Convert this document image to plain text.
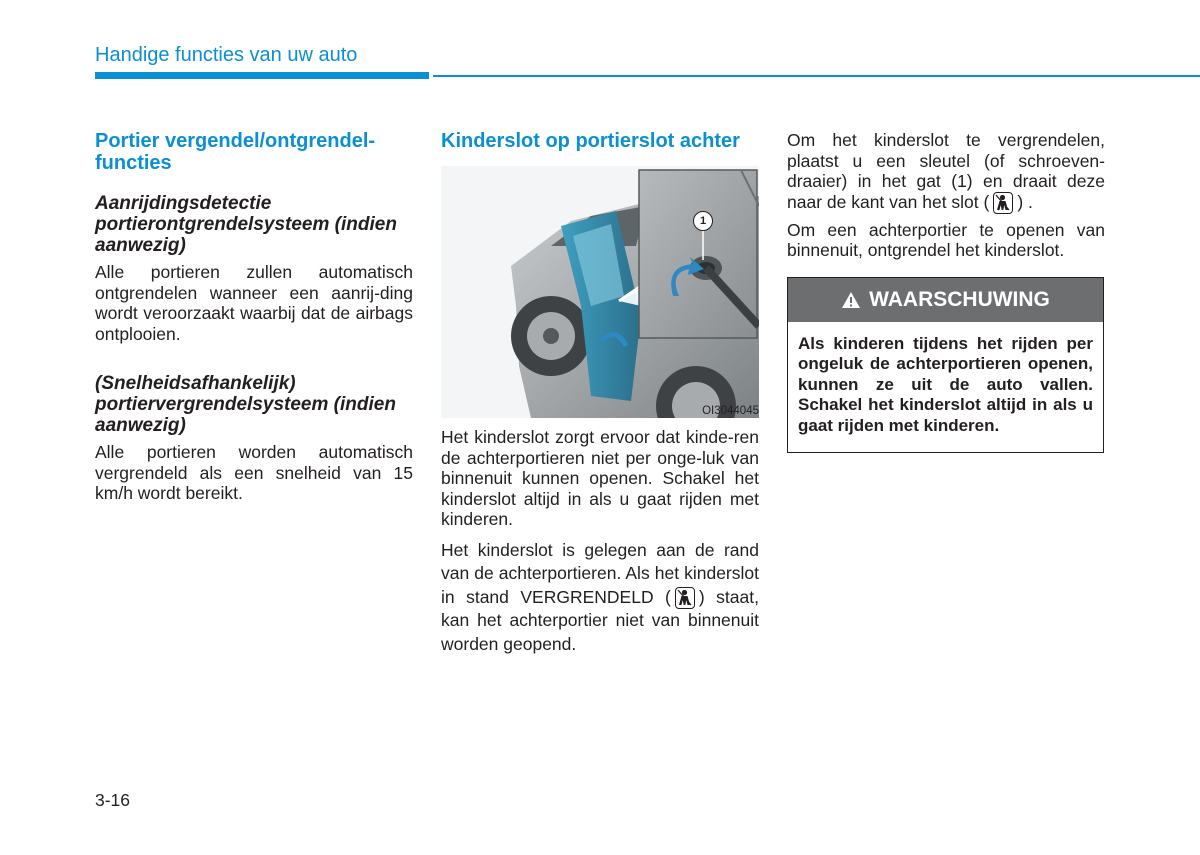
Handige functies van uw auto
Portier vergendel/ontgrendel-functies
Aanrijdingsdetectie portierontgrendelsysteem (indien aanwezig)

Alle portieren zullen automatisch ontgrendelen wanneer een aanrij-ding wordt veroorzaakt waarbij dat de airbags ontplooien.

(Snelheidsafhankelijk) portiervergrendelsysteem (indien aanwezig)

Alle portieren worden automatisch vergrendeld als een snelheid van 15 km/h wordt bereikt.

Kinderslot op portierslot achter
1
OI3044045

Het kinderslot zorgt ervoor dat kinde-ren de achterportieren niet per onge-luk van binnenuit kunnen openen. Schakel het kinderslot altijd in als u gaat rijden met kinderen.

Het kinderslot is gelegen aan de rand van de achterportieren. Als het kinderslot in stand VERGRENDELD ( ) staat, kan het achterportier niet van binnenuit worden geopend.

Om het kinderslot te vergrendelen, plaatst u een sleutel (of schroeven-draaier) in het gat (1) en draait deze naar de kant van het slot ( ) .

Om een achterportier te openen van binnenuit, ontgrendel het kinderslot.

WAARSCHUWING
Als kinderen tijdens het rijden per ongeluk de achterportieren openen, kunnen ze uit de auto vallen. Schakel het kinderslot altijd in als u gaat rijden met kinderen.
3-16
